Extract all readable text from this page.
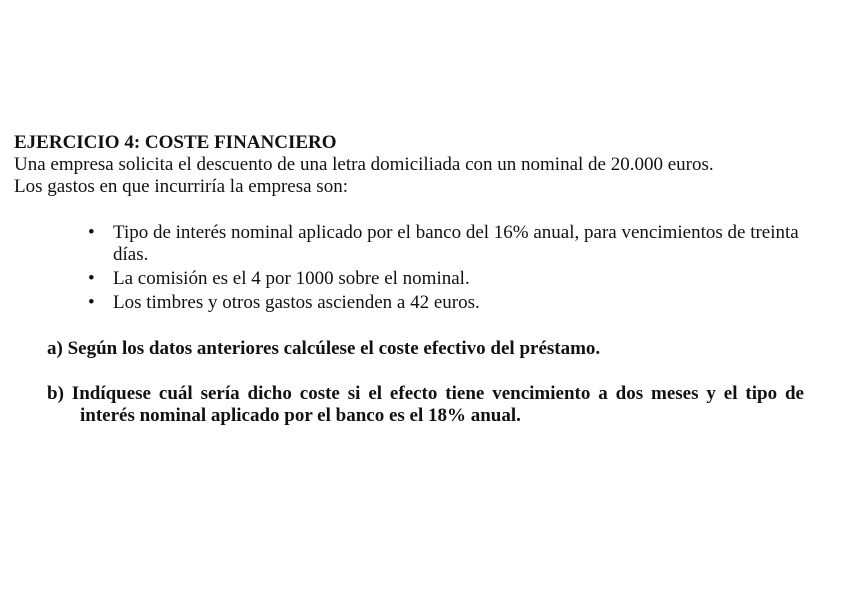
EJERCICIO 4: COSTE FINANCIERO

Una empresa solicita el descuento de una letra domiciliada con un nominal de 20.000 euros.

Los gastos en que incurriría la empresa son:

• Tipo de interés nominal aplicado por el banco del 16% anual, para vencimientos de treinta días.
• La comisión es el 4 por 1000 sobre el nominal.
• Los timbres y otros gastos ascienden a 42 euros.

a) Según los datos anteriores calcúlese el coste efectivo del préstamo.

b) Indíquese cuál sería dicho coste si el efecto tiene vencimiento a dos meses y el tipo de interés nominal aplicado por el banco es el 18% anual.
